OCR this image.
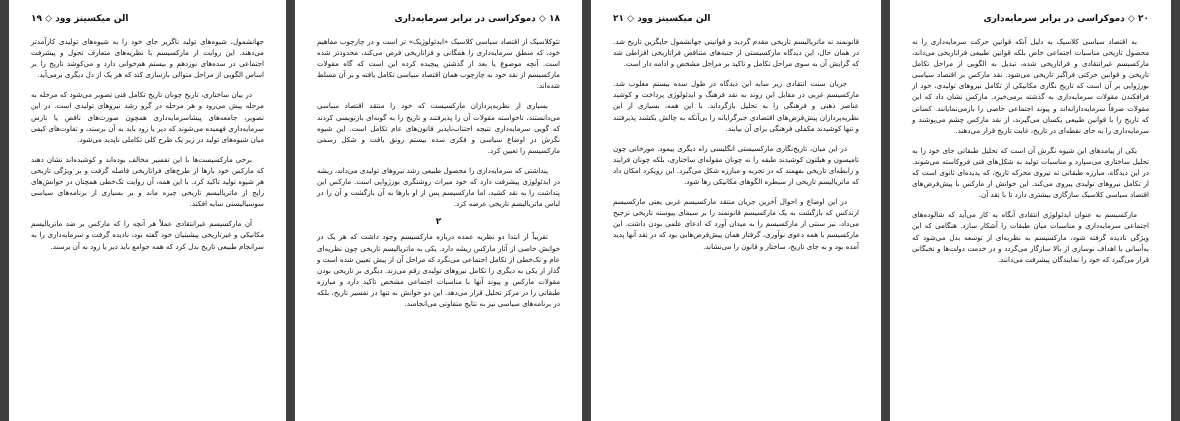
۲۰ ◇ دموکراسی در برابر سرمایه‌داری

به اقتصاد سیاسی کلاسیک به دلیل آنکه قوانین حرکت سرمایه‌داری را نه محصول تاریخی مناسبات اجتماعی خاص بلکه قوانین طبیعی فراتاریخی می‌داند، مارکسیسم غیرانتقادی و فراتاریخی شده، تبدیل به الگویی از مراحل تکامل تاریخی و قوانین حرکتی فراگیر تاریخی می‌شود. نقد مارکس بر اقتصاد سیاسی بورژوایی بر آن است که تاریخ نگاری مکانیکی از تکامل نیروهای تولیدی، خود از فرافکندن مقولات سرمایه‌داری به گذشته برمی‌خیزد. مارکس نشان داد که این مقولات صرفاً سرمایه‌دارانه‌اند و پیوند اجتماعی خاصی را بازمی‌نمایانند. کسانی که تاریخ را با قوانین طبیعی یکسان می‌گیرند، از نقد مارکس چشم می‌پوشند و سرمایه‌داری را به جای نقطه‌ای در تاریخ، غایت تاریخ قرار می‌دهند.

یکی از پیامدهای این شیوه نگرش آن است که تحلیل طبقاتی جای خود را به تحلیل ساختاری می‌سپارد و مناسبات تولید به شکل‌های فنی فروکاسته می‌شوند. در این دیدگاه، مبارزه طبقاتی نه نیروی محرکه تاریخ، که پدیده‌ای ثانوی است که از تکامل نیروهای تولیدی پیروی می‌کند. این خوانش از مارکس با پیش‌فرض‌های اقتصاد سیاسی کلاسیک سازگاری بیشتری دارد تا با نقد آن.

مارکسیسم به عنوان ایدئولوژی انتقادی آنگاه به کار می‌آید که شالوده‌های اجتماعی سرمایه‌داری و مناسبات میان طبقات را آشکار سازد. هنگامی که این ویژگی نادیده گرفته شود، مارکسیسم به نظریه‌ای از توسعه بدل می‌شود که به‌آسانی با اهداف نوسازی از بالا سازگار می‌گردد و در خدمت دولت‌ها و نخبگانی قرار می‌گیرد که خود را نمایندگان پیشرفت می‌دانند.

الن میکسینز وود ◇ ۲۱

قانونمند نه ماتریالیسم تاریخی مقدم گردید و قوانینی جهانشمول جایگزین تاریخ شد. در همان حال، این دیدگاه مارکسیستی از جنبه‌های متناقض فراتاریخی افزاطی شد که گرایش آن به سوی مراحل تکامل و تاکید بر مراحل مشخص و ادامه دار است.

جریان سنت انتقادی زیر سایه این دیدگاه در طول سده بیستم مغلوب شد. مارکسیسم غربی در مقابل این روند به نقد فرهنگ و ایدئولوژی پرداخت و کوشید عناصر ذهنی و فرهنگی را به تحلیل بازگرداند. با این همه، بسیاری از این نظریه‌پردازان پیش‌فرض‌های اقتصادی جبرگرایانه را بی‌آنکه به چالش بکشند پذیرفتند و تنها کوشیدند مکملی فرهنگی برای آن بیابند.

در این میان، تاریخ‌نگاری مارکسیستی انگلیسی راه دیگری پیمود. مورخانی چون تامپسون و هیلتون کوشیدند طبقه را نه چونان مقوله‌ای ساختاری، بلکه چونان فرایند و رابطه‌ای تاریخی بفهمند که در تجربه و مبارزه شکل می‌گیرد. این رویکرد امکان داد که ماتریالیسم تاریخی از سیطره الگوهای مکانیکی رها شود.

در این اوضاع و احوال آخرین جریان منتقد مارکسیسم غربی یعنی مارکسیسم ارتدکس که بازگشت به یک مارکسیسم قانونمند را بر سیمای پیوسته تاریخی ترجیح می‌داد، نیز سنتی از مارکسیسم را به میدان آورد که ادعای علمی بودن داشت. این مارکسیسم با همه دعوی نوآوری، گرفتار همان پیش‌فرض‌هایی بود که در نقد آنها پدید آمده بود و به جای تاریخ، ساختار و قانون را می‌نشاند.

۱۸ ◇ دموکراسی در برابر سرمایه‌داری

تئوکلاسیک از اقتصاد سیاسی کلاسیک «ایدئولوژیک» تر است و در چارچوب مفاهیم خود، که منطق سرمایه‌داری را همگانی و فراتاریخی فرض می‌کند، محدودتر شده است. آنچه موضوع یا بعد از گذشتن پیچیده کرده این است که گاه مقولات مارکسیسم از نقد خود به چارچوب همان اقتصاد سیاسی تکامل یافته و بر آن مسلط شده‌اند.

بسیاری از نظریه‌پردازان مارکسیست که خود را منتقد اقتصاد سیاسی می‌دانستند، ناخواسته مقولات آن را پذیرفتند و تاریخ را به گونه‌ای بازنویسی کردند که گویی سرمایه‌داری نتیجه اجتناب‌ناپذیر قانون‌های عام تکامل است. این شیوه نگرش در اوضاع سیاسی و فکری سده بیستم رونق یافت و شکل رسمی مارکسیسم را تعیین کرد.

پنداشتی که سرمایه‌داری را محصول طبیعی رشد نیروهای تولیدی می‌داند، ریشه در ایدئولوژی پیشرفت دارد که خود میراث روشنگری بورژوایی است. مارکس این پنداشت را به نقد کشید، اما مارکسیسم پس از او بارها به آن بازگشت و آن را در لباس ماتریالیسم تاریخی عرضه کرد.

۲

تقریباً از ابتدا دو نظریه عمده درباره مارکسیسم وجود داشت که هر یک در خوانش خاصی از آثار مارکس ریشه دارد. یکی به ماتریالیسم تاریخی چون نظریه‌ای عام و تک‌خطی از تکامل اجتماعی می‌نگرد که مراحل آن از پیش تعیین شده است و گذار از یکی به دیگری را تکامل نیروهای تولیدی رقم می‌زند. دیگری بر تاریخی بودن مقولات مارکس و پیوند آنها با مناسبات اجتماعی مشخص تاکید دارد و مبارزه طبقاتی را در مرکز تحلیل قرار می‌دهد. این دو خوانش نه تنها در تفسیر تاریخ، بلکه در برنامه‌های سیاسی نیز به نتایج متفاوتی می‌انجامند.

الن میکسینز وود ◇ ۱۹

جهانشمول، شیوه‌های تولید ناگزیر جای خود را به شیوه‌های تولیدی کارآمدتر می‌دهند. این روایت از مارکسیسم با نظریه‌های متعارف تحول و پیشرفت اجتماعی در سده‌های نوزدهم و بیستم هم‌خوانی دارد و می‌کوشد تاریخ را بر اساس الگویی از مراحل متوالی بازسازی کند که هر یک از دل دیگری برمی‌آید.

در بیان ساختاری، تاریخ چونان تاریخ تکامل فنی تصویر می‌شود که مرحله به مرحله پیش می‌رود و هر مرحله در گرو رشد نیروهای تولیدی است. در این تصویر، جامعه‌های پیشاسرمایه‌داری همچون صورت‌های ناقص یا نارس سرمایه‌داری فهمیده می‌شوند که دیر یا زود باید به آن برسند، و تفاوت‌های کیفی میان شیوه‌های تولید در زیر یک طرح کلی تکاملی ناپدید می‌شود.

برخی مارکسیست‌ها با این تفسیر مخالف بوده‌اند و کوشیده‌اند نشان دهند که مارکس خود بارها از طرح‌های فراتاریخی فاصله گرفت و بر ویژگی تاریخی هر شیوه تولید تاکید کرد. با این همه، آن روایت تک‌خطی همچنان در خوانش‌های رایج از ماتریالیسم تاریخی چیره ماند و بر بسیاری از برنامه‌های سیاسی سوسیالیستی سایه افکند.

آن مارکسیسم غیرانتقادی عملاً هر آنچه را که مارکس بر ضد ماتریالیسم مکانیکی و غیرتاریخی پیشینیان خود گفته بود، نادیده گرفت و سرمایه‌داری را به سرانجام طبیعی تاریخ بدل کرد که همه جوامع باید دیر یا زود به آن برسند.
